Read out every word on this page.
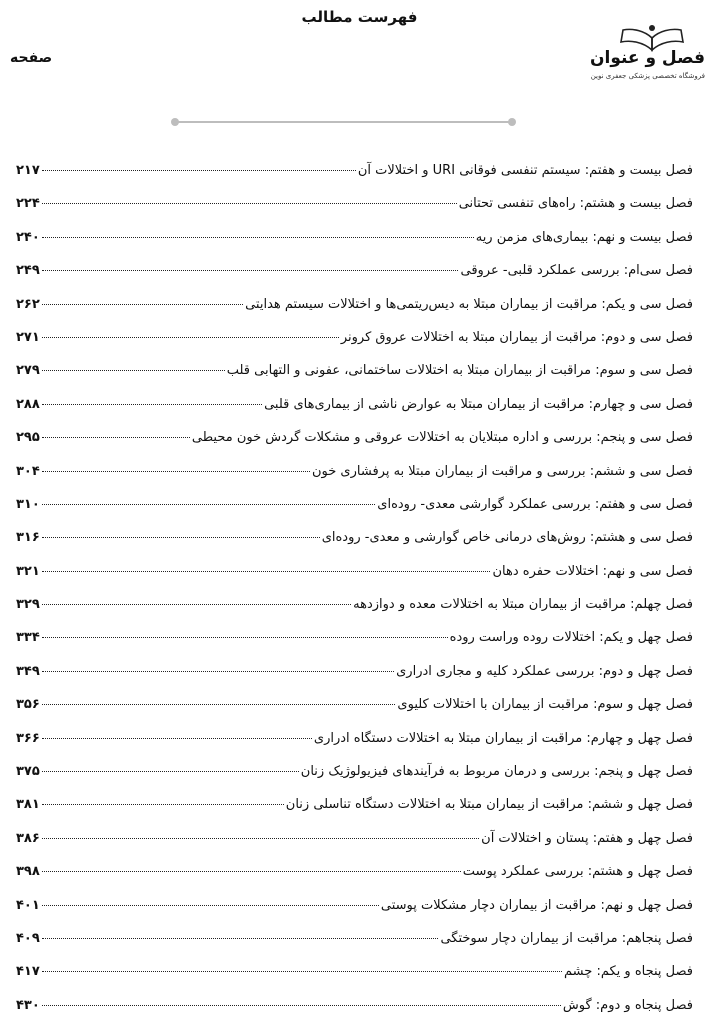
فهرست مطالب
صفحه	فصل و عنوان
فروشگاه تخصصی پزشکی جعفری نوین
فصل بیست و هفتم: سیستم تنفسی فوقانی URI و اختلالات آن
۲۱۷
فصل بیست و هشتم: راه‌های تنفسی تحتانی
۲۲۴
فصل بیست و نهم: بیماری‌های مزمن ریه
۲۴۰
فصل سی‌ام: بررسی عملکرد قلبی- عروقی
۲۴۹
فصل سی و یکم: مراقبت از بیماران مبتلا به دیس‌ریتمی‌ها و اختلالات سیستم هدایتی
۲۶۲
فصل سی و دوم: مراقبت از بیماران مبتلا به اختلالات عروق کرونر
۲۷۱
فصل سی و سوم: مراقبت از بیماران مبتلا به اختلالات ساختمانی، عفونی و التهابی قلب
۲۷۹
فصل سی و چهارم: مراقبت از بیماران مبتلا به عوارض ناشی از بیماری‌های قلبی
۲۸۸
فصل سی و پنجم: بررسی و اداره مبتلایان به اختلالات عروقی و مشکلات گردش خون محیطی
۲۹۵
فصل سی و ششم: بررسی و مراقبت از بیماران مبتلا به پرفشاری خون
۳۰۴
فصل سی و هفتم: بررسی عملکرد گوارشی معدی- روده‌ای
۳۱۰
فصل سی و هشتم: روش‌های درمانی خاص گوارشی و معدی- روده‌ای
۳۱۶
فصل سی و نهم: اختلالات حفره دهان
۳۲۱
فصل چهلم: مراقبت از بیماران مبتلا به اختلالات معده و دوازدهه
۳۲۹
فصل چهل و یکم: اختلالات روده وراست روده
۳۳۴
فصل چهل و دوم: بررسی عملکرد کلیه و مجاری ادراری
۳۴۹
فصل چهل و سوم: مراقبت از بیماران با اختلالات کلیوی
۳۵۶
فصل چهل و چهارم: مراقبت از بیماران مبتلا به اختلالات دستگاه ادراری
۳۶۶
فصل چهل و پنجم: بررسی و درمان مربوط به فرآیندهای فیزیولوژیک زنان
۳۷۵
فصل چهل و ششم: مراقبت از بیماران مبتلا به اختلالات دستگاه تناسلی زنان
۳۸۱
فصل چهل و هفتم: پستان و اختلالات آن
۳۸۶
فصل چهل و هشتم: بررسی عملکرد پوست
۳۹۸
فصل چهل و نهم: مراقبت از بیماران دچار مشکلات پوستی
۴۰۱
فصل پنجاهم: مراقبت از بیماران دچار سوختگی
۴۰۹
فصل پنجاه و یکم: چشم
۴۱۷
فصل پنجاه و دوم: گوش
۴۳۰
